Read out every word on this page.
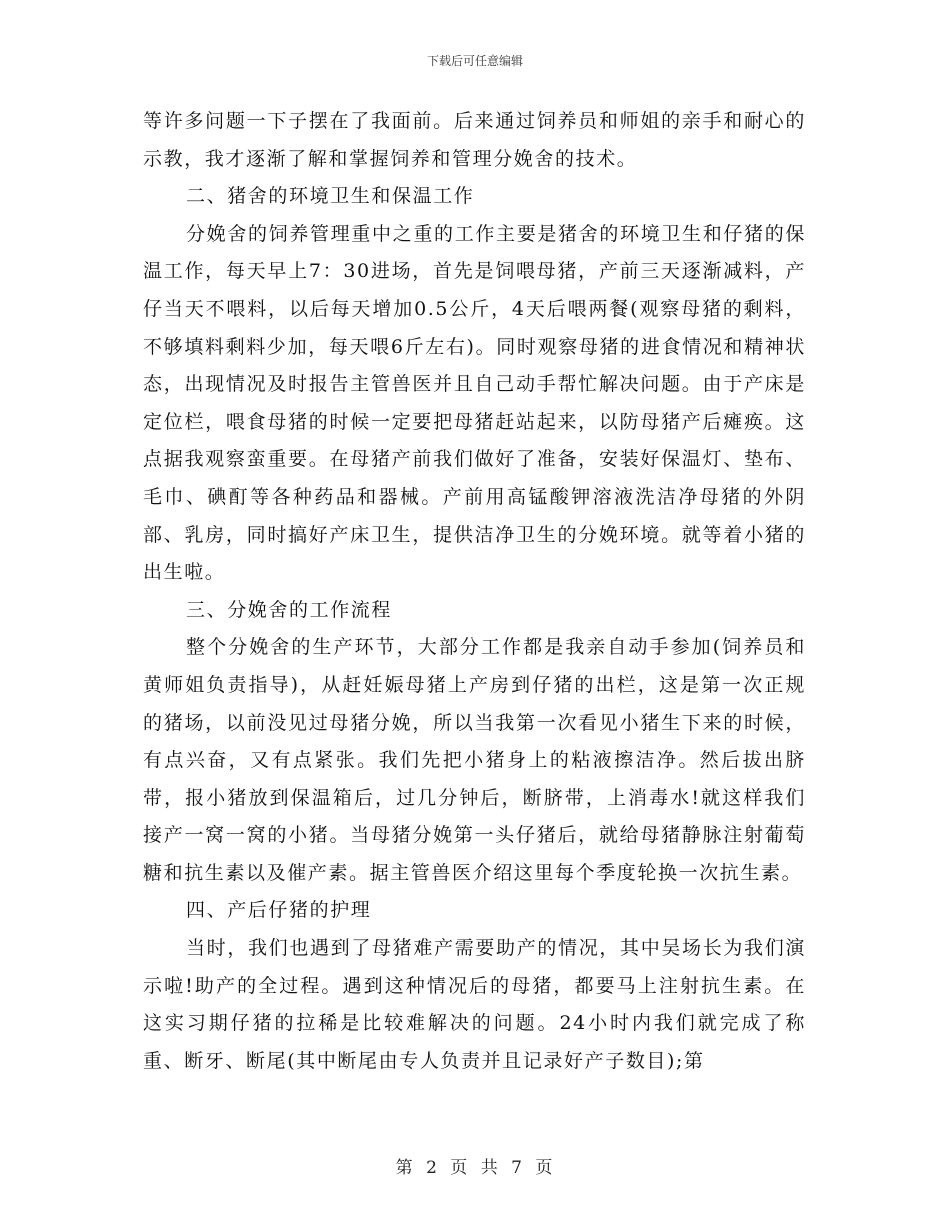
下载后可任意编辑

等许多问题一下子摆在了我面前。后来通过饲养员和师姐的亲手和耐心的示教，我才逐渐了解和掌握饲养和管理分娩舍的技术。

二、猪舍的环境卫生和保温工作

分娩舍的饲养管理重中之重的工作主要是猪舍的环境卫生和仔猪的保温工作，每天早上7：30进场，首先是饲喂母猪，产前三天逐渐减料，产仔当天不喂料，以后每天增加0.5公斤，4天后喂两餐(观察母猪的剩料，不够填料剩料少加，每天喂6斤左右)。同时观察母猪的进食情况和精神状态，出现情况及时报告主管兽医并且自己动手帮忙解决问题。由于产床是定位栏，喂食母猪的时候一定要把母猪赶站起来，以防母猪产后瘫痪。这点据我观察蛮重要。在母猪产前我们做好了准备，安装好保温灯、垫布、毛巾、碘酊等各种药品和器械。产前用高锰酸钾溶液洗洁净母猪的外阴部、乳房，同时搞好产床卫生，提供洁净卫生的分娩环境。就等着小猪的出生啦。

三、分娩舍的工作流程

整个分娩舍的生产环节，大部分工作都是我亲自动手参加(饲养员和黄师姐负责指导)，从赶妊娠母猪上产房到仔猪的出栏，这是第一次正规的猪场，以前没见过母猪分娩，所以当我第一次看见小猪生下来的时候，有点兴奋，又有点紧张。我们先把小猪身上的粘液擦洁净。然后拔出脐带，报小猪放到保温箱后，过几分钟后，断脐带，上消毒水!就这样我们接产一窝一窝的小猪。当母猪分娩第一头仔猪后，就给母猪静脉注射葡萄糖和抗生素以及催产素。据主管兽医介绍这里每个季度轮换一次抗生素。

四、产后仔猪的护理

当时，我们也遇到了母猪难产需要助产的情况，其中吴场长为我们演示啦!助产的全过程。遇到这种情况后的母猪，都要马上注射抗生素。在这实习期仔猪的拉稀是比较难解决的问题。24小时内我们就完成了称重、断牙、断尾(其中断尾由专人负责并且记录好产子数目);第

第 2 页 共 7 页
